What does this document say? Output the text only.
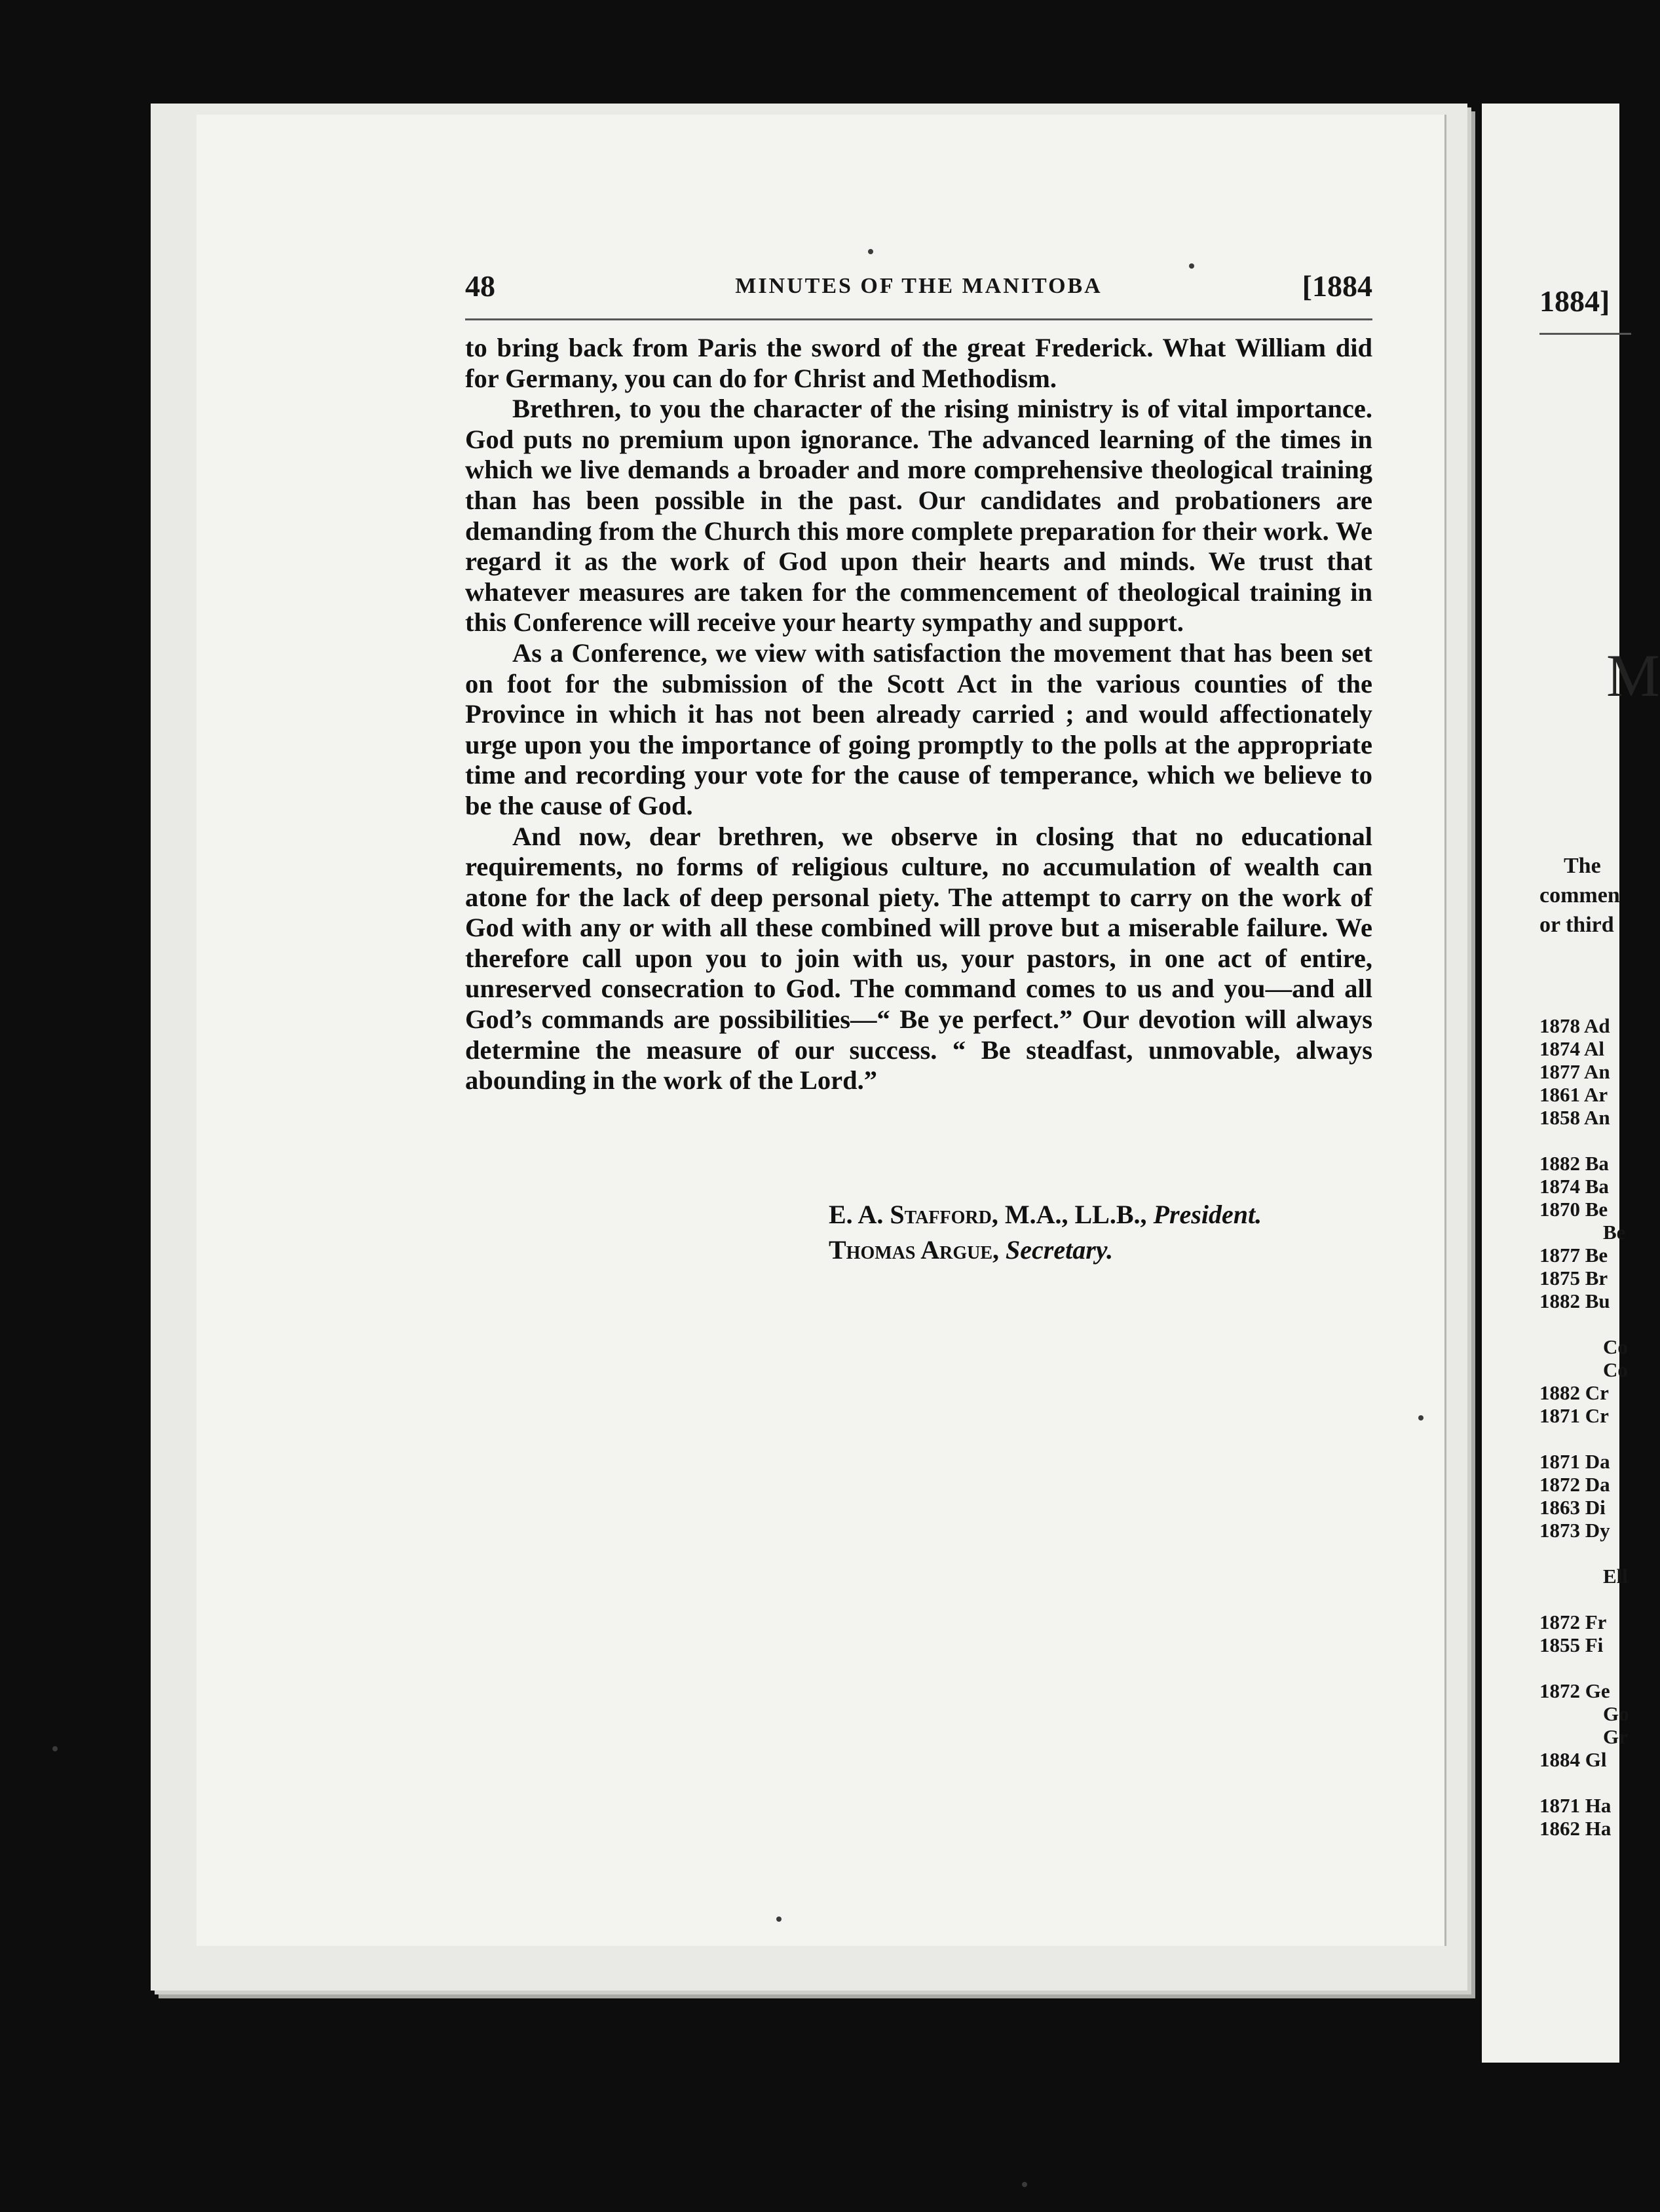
48	MINUTES OF THE MANITOBA	[1884

to bring back from Paris the sword of the great Frederick. What William did for Germany, you can do for Christ and Methodism.

Brethren, to you the character of the rising ministry is of vital importance. God puts no premium upon ignorance. The advanced learning of the times in which we live demands a broader and more comprehensive theological training than has been possible in the past. Our candidates and probationers are demanding from the Church this more complete preparation for their work. We regard it as the work of God upon their hearts and minds. We trust that whatever measures are taken for the commencement of theological training in this Conference will receive your hearty sympathy and support.

As a Conference, we view with satisfaction the movement that has been set on foot for the submission of the Scott Act in the various counties of the Province in which it has not been already carried ; and would affectionately urge upon you the importance of going promptly to the polls at the appropriate time and recording your vote for the cause of temperance, which we believe to be the cause of God.

And now, dear brethren, we observe in closing that no educational requirements, no forms of religious culture, no accumulation of wealth can atone for the lack of deep personal piety. The attempt to carry on the work of God with any or with all these combined will prove but a miserable failure. We therefore call upon you to join with us, your pastors, in one act of entire, unreserved consecration to God. The command comes to us and you—and all God’s commands are possibilities—“ Be ye perfect.” Our devotion will always determine the measure of our success. “ Be steadfast, unmovable, always abounding in the work of the Lord.”

E. A. Stafford, M.A., LL.B., President.
Thomas Argue, Secretary.
1884]
M
The
commen
or third
1878 Ad
1874 Al
1877 An
1861 Ar
1858 An
1882 Ba
1874 Ba
1870 Be
Be
1877 Be
1875 Br
1882 Bu
Co
Co
1882 Cr
1871 Cr
1871 Da
1872 Da
1863 Di
1873 Dy
Ell
1872 Fr
1855 Fi
1872 Ge
Go
Gr
1884 Gl
1871 Ha
1862 Ha
